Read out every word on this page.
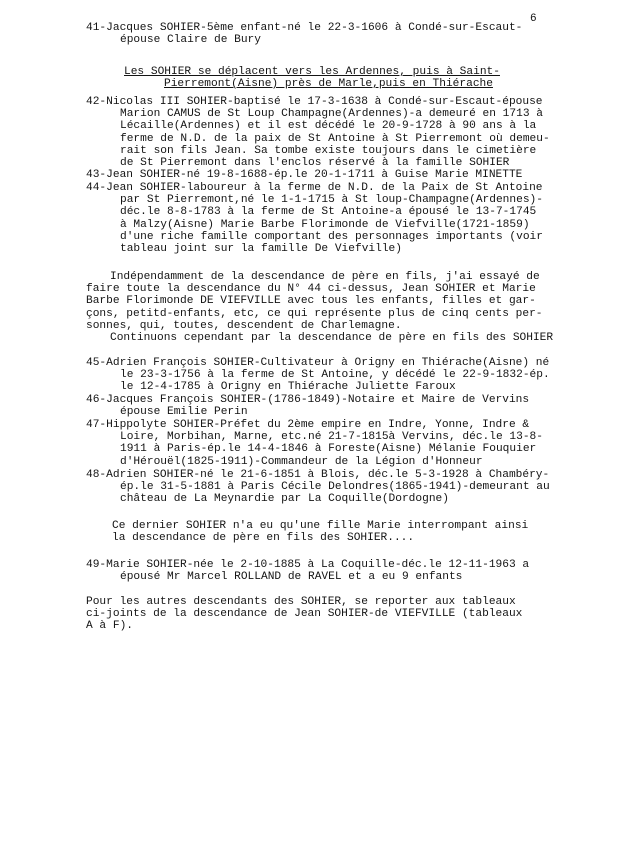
6
41-Jacques SOHIER-5ème enfant-né le 22-3-1606 à Condé-sur-Escaut-
épouse Claire de Bury
Les SOHIER se déplacent vers les Ardennes, puis à Saint-
Pierremont(Aisne) près de Marle,puis en Thiérache
42-Nicolas III SOHIER-baptisé le 17-3-1638 à Condé-sur-Escaut-épouse
Marion CAMUS de St Loup Champagne(Ardennes)-a demeuré en 1713 à
Lécaille(Ardennes) et il est décédé le 20-9-1728 à 90 ans à la
ferme de N.D. de la paix de St Antoine à St Pierremont où demeu-
rait son fils Jean. Sa tombe existe toujours dans le cimetière
de St Pierremont dans l'enclos réservé à la famille SOHIER
43-Jean SOHIER-né 19-8-1688-ép.le 20-1-1711 à Guise Marie MINETTE
44-Jean SOHIER-laboureur à la ferme de N.D. de la Paix de St Antoine
par St Pierremont,né le 1-1-1715 à St loup-Champagne(Ardennes)-
déc.le 8-8-1783 à la ferme de St Antoine-a épousé le 13-7-1745
à Malzy(Aisne) Marie Barbe Florimonde de Viefville(1721-1859)
d'une riche famille comportant des personnages importants (voir
tableau joint sur la famille De Viefville)
Indépendamment de la descendance de père en fils, j'ai essayé de
faire toute la descendance du N° 44 ci-dessus, Jean SOHIER et Marie
Barbe Florimonde DE VIEFVILLE avec tous les enfants, filles et gar-
çons, petitd-enfants, etc, ce qui représente plus de cinq cents per-
sonnes, qui, toutes, descendent de Charlemagne.
Continuons cependant par la descendance de père en fils des SOHIER
45-Adrien François SOHIER-Cultivateur à Origny en Thiérache(Aisne) né
le 23-3-1756 à la ferme de St Antoine, y décédé le 22-9-1832-ép.
le 12-4-1785 à Origny en Thiérache Juliette Faroux
46-Jacques François SOHIER-(1786-1849)-Notaire et Maire de Vervins
épouse Emilie Perin
47-Hippolyte SOHIER-Préfet du 2ème empire en Indre, Yonne, Indre &
Loire, Morbihan, Marne, etc.né 21-7-1815à Vervins, déc.le 13-8-
1911 à Paris-ép.le 14-4-1846 à Foreste(Aisne) Mélanie Fouquier
d'Hérouël(1825-1911)-Commandeur de la Légion d'Honneur
48-Adrien SOHIER-né le 21-6-1851 à Blois, déc.le 5-3-1928 à Chambéry-
ép.le 31-5-1881 à Paris Cécile Delondres(1865-1941)-demeurant au
château de La Meynardie par La Coquille(Dordogne)
Ce dernier SOHIER n'a eu qu'une fille Marie interrompant ainsi
la descendance de père en fils des SOHIER....
49-Marie SOHIER-née le 2-10-1885 à La Coquille-déc.le 12-11-1963 a
épousé Mr Marcel ROLLAND de RAVEL et a eu 9 enfants
Pour les autres descendants des SOHIER, se reporter aux tableaux
ci-joints de la descendance de Jean SOHIER-de VIEFVILLE (tableaux
A à F).
